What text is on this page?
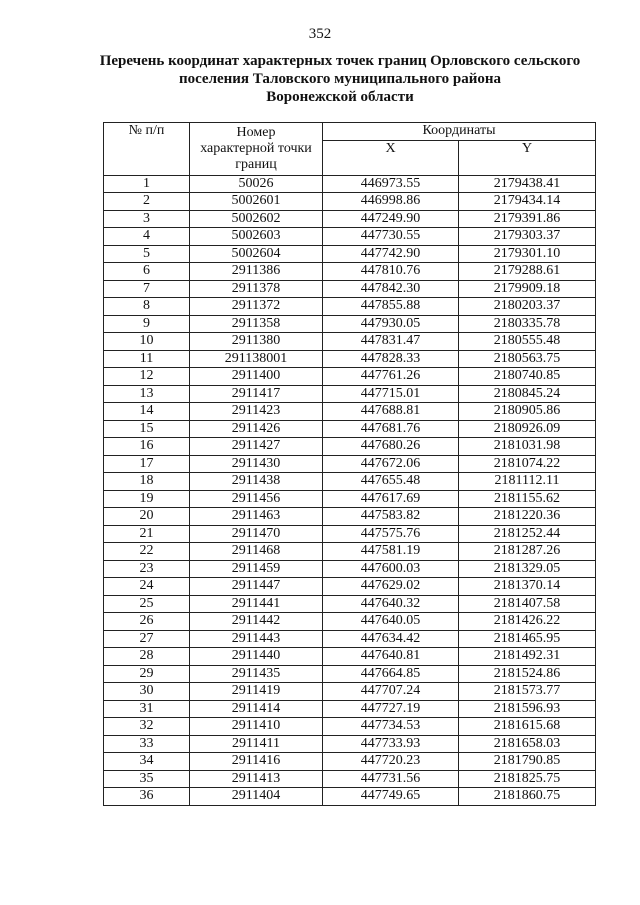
352
Перечень координат характерных точек границ Орловского сельского
поселения Таловского муниципального района
Воронежской области
№ п/п	Номер
характерной точки
границ	Координаты	
		X	Y
1	50026	446973.55	2179438.41
2	5002601	446998.86	2179434.14
3	5002602	447249.90	2179391.86
4	5002603	447730.55	2179303.37
5	5002604	447742.90	2179301.10
6	2911386	447810.76	2179288.61
7	2911378	447842.30	2179909.18
8	2911372	447855.88	2180203.37
9	2911358	447930.05	2180335.78
10	2911380	447831.47	2180555.48
11	291138001	447828.33	2180563.75
12	2911400	447761.26	2180740.85
13	2911417	447715.01	2180845.24
14	2911423	447688.81	2180905.86
15	2911426	447681.76	2180926.09
16	2911427	447680.26	2181031.98
17	2911430	447672.06	2181074.22
18	2911438	447655.48	2181112.11
19	2911456	447617.69	2181155.62
20	2911463	447583.82	2181220.36
21	2911470	447575.76	2181252.44
22	2911468	447581.19	2181287.26
23	2911459	447600.03	2181329.05
24	2911447	447629.02	2181370.14
25	2911441	447640.32	2181407.58
26	2911442	447640.05	2181426.22
27	2911443	447634.42	2181465.95
28	2911440	447640.81	2181492.31
29	2911435	447664.85	2181524.86
30	2911419	447707.24	2181573.77
31	2911414	447727.19	2181596.93
32	2911410	447734.53	2181615.68
33	2911411	447733.93	2181658.03
34	2911416	447720.23	2181790.85
35	2911413	447731.56	2181825.75
36	2911404	447749.65	2181860.75
